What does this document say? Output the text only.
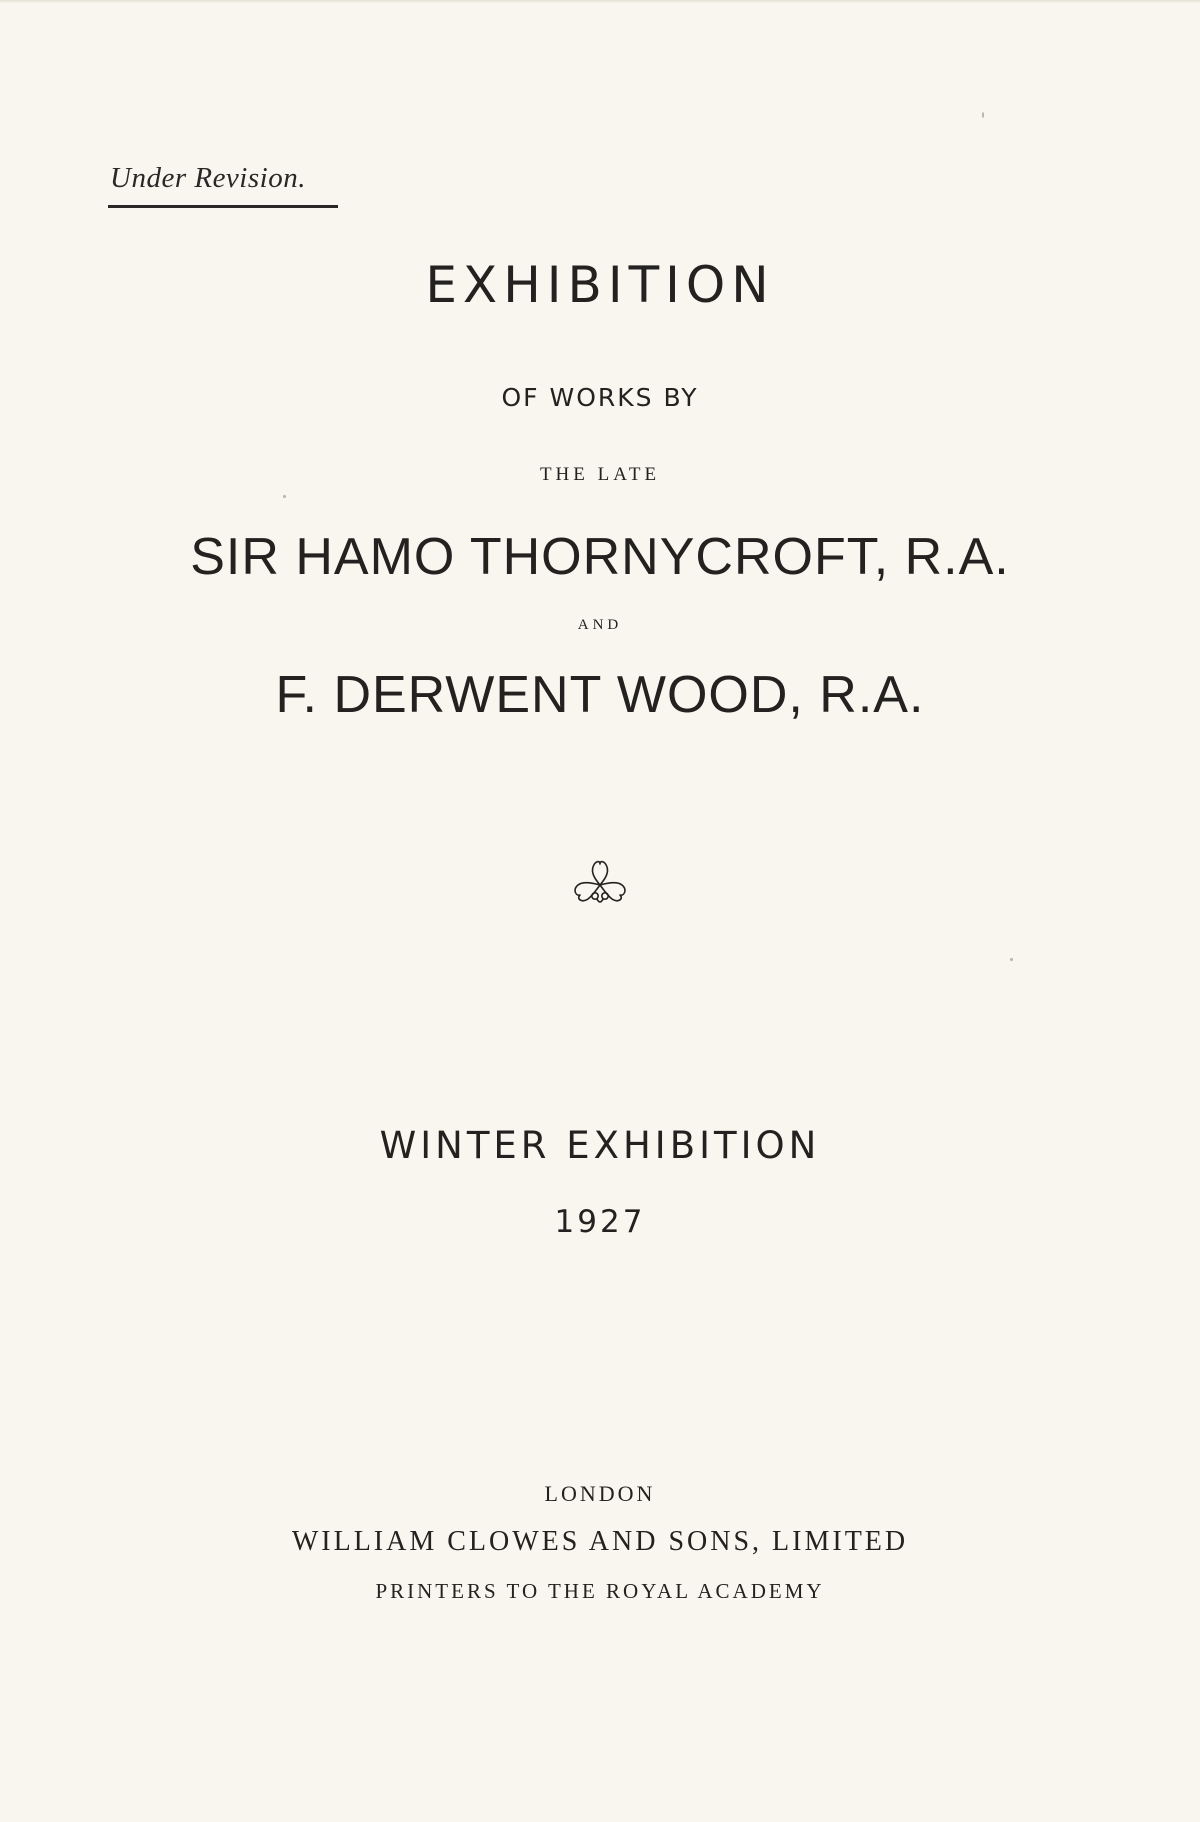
Under Revision.
EXHIBITION
OF WORKS BY
THE LATE
SIR HAMO THORNYCROFT, R.A.
AND
F. DERWENT WOOD, R.A.
WINTER EXHIBITION
1927
LONDON
WILLIAM CLOWES AND SONS, LIMITED
PRINTERS TO THE ROYAL ACADEMY
